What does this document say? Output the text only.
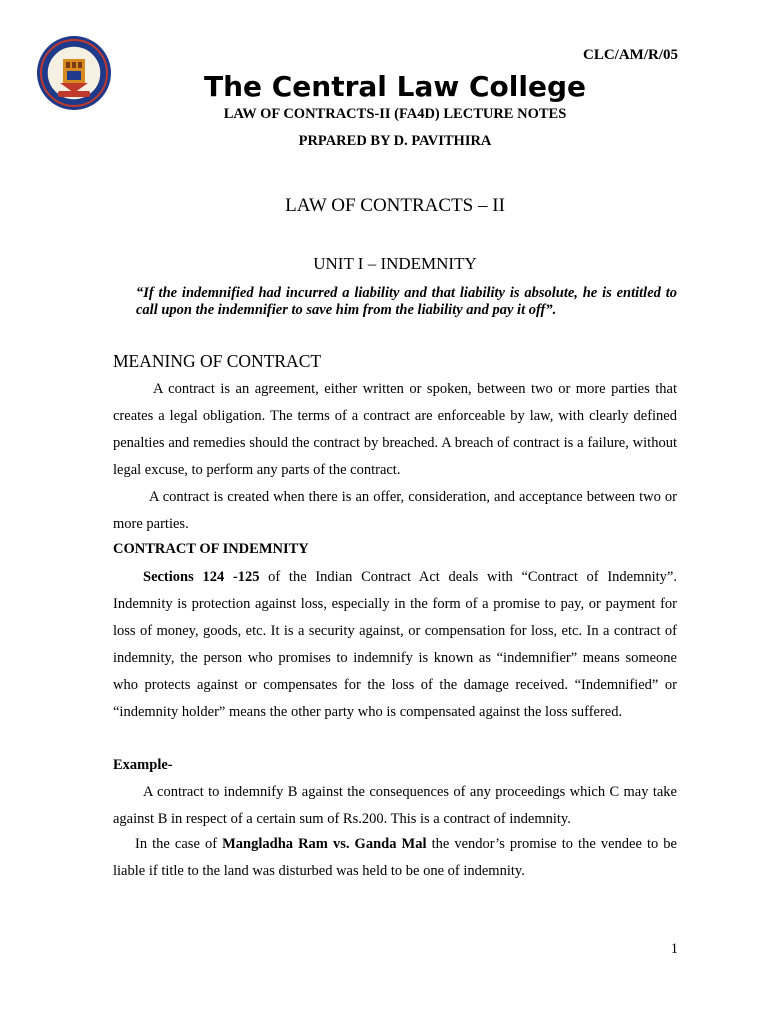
CLC/AM/R/05
The Central Law College
LAW OF CONTRACTS-II (FA4D) LECTURE NOTES
PRPARED BY D. PAVITHIRA
LAW OF CONTRACTS – II
UNIT I – INDEMNITY
“If the indemnified had incurred a liability and that liability is absolute, he is entitled to call upon the indemnifier to save him from the liability and pay it off”.
MEANING OF CONTRACT
A contract is an agreement, either written or spoken, between two or more parties that creates a legal obligation. The terms of a contract are enforceable by law, with clearly defined penalties and remedies should the contract by breached. A breach of contract is a failure, without legal excuse, to perform any parts of the contract.
A contract is created when there is an offer, consideration, and acceptance between two or more parties.
CONTRACT OF INDEMNITY
Sections 124 -125 of the Indian Contract Act deals with “Contract of Indemnity”. Indemnity is protection against loss, especially in the form of a promise to pay, or payment for loss of money, goods, etc. It is a security against, or compensation for loss, etc. In a contract of indemnity, the person who promises to indemnify is known as “indemnifier” means someone who protects against or compensates for the loss of the damage received. “Indemnified” or “indemnity holder” means the other party who is compensated against the loss suffered.
Example-
A contract to indemnify B against the consequences of any proceedings which C may take against B in respect of a certain sum of Rs.200. This is a contract of indemnity.
In the case of Mangladha Ram vs. Ganda Mal the vendor’s promise to the vendee to be liable if title to the land was disturbed was held to be one of indemnity.
1
